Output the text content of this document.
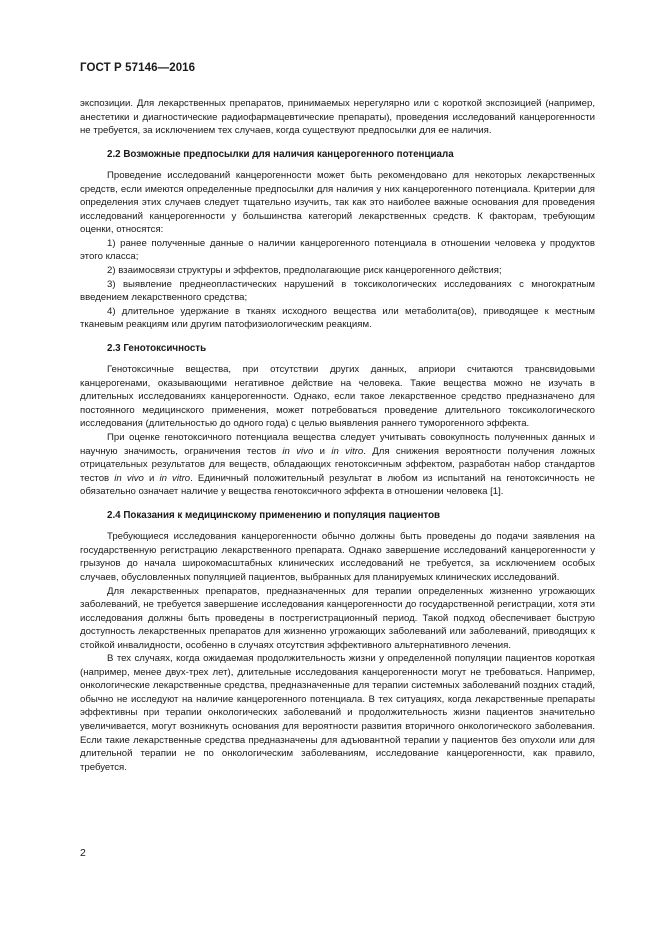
ГОСТ Р 57146—2016

экспозиции. Для лекарственных препаратов, принимаемых нерегулярно или с короткой экспозицией (например, анестетики и диагностические радиофармацевтические препараты), проведения исследований канцерогенности не требуется, за исключением тех случаев, когда существуют предпосылки для ее наличия.

2.2 Возможные предпосылки для наличия канцерогенного потенциала

Проведение исследований канцерогенности может быть рекомендовано для некоторых лекарственных средств, если имеются определенные предпосылки для наличия у них канцерогенного потенциала. Критерии для определения этих случаев следует тщательно изучить, так как это наиболее важные основания для проведения исследований канцерогенности у большинства категорий лекарственных средств. К факторам, требующим оценки, относятся:

1) ранее полученные данные о наличии канцерогенного потенциала в отношении человека у продуктов этого класса;

2) взаимосвязи структуры и эффектов, предполагающие риск канцерогенного действия;

3) выявление преднеопластических нарушений в токсикологических исследованиях с многократным введением лекарственного средства;

4) длительное удержание в тканях исходного вещества или метаболита(ов), приводящее к местным тканевым реакциям или другим патофизиологическим реакциям.

2.3 Генотоксичность

Генотоксичные вещества, при отсутствии других данных, априори считаются трансвидовыми канцерогенами, оказывающими негативное действие на человека. Такие вещества можно не изучать в длительных исследованиях канцерогенности. Однако, если такое лекарственное средство предназначено для постоянного медицинского применения, может потребоваться проведение длительного токсикологического исследования (длительностью до одного года) с целью выявления раннего туморогенного эффекта.

При оценке генотоксичного потенциала вещества следует учитывать совокупность полученных данных и научную значимость, ограничения тестов in vivo и in vitro. Для снижения вероятности получения ложных отрицательных результатов для веществ, обладающих генотоксичным эффектом, разработан набор стандартов тестов in vivo и in vitro. Единичный положительный результат в любом из испытаний на генотоксичность не обязательно означает наличие у вещества генотоксичного эффекта в отношении человека [1].

2.4 Показания к медицинскому применению и популяция пациентов

Требующиеся исследования канцерогенности обычно должны быть проведены до подачи заявления на государственную регистрацию лекарственного препарата. Однако завершение исследований канцерогенности у грызунов до начала широкомасштабных клинических исследований не требуется, за исключением особых случаев, обусловленных популяцией пациентов, выбранных для планируемых клинических исследований.

Для лекарственных препаратов, предназначенных для терапии определенных жизненно угрожающих заболеваний, не требуется завершение исследования канцерогенности до государственной регистрации, хотя эти исследования должны быть проведены в пострегистрационный период. Такой подход обеспечивает быструю доступность лекарственных препаратов для жизненно угрожающих заболеваний или заболеваний, приводящих к стойкой инвалидности, особенно в случаях отсутствия эффективного альтернативного лечения.

В тех случаях, когда ожидаемая продолжительность жизни у определенной популяции пациентов короткая (например, менее двух-трех лет), длительные исследования канцерогенности могут не требоваться. Например, онкологические лекарственные средства, предназначенные для терапии системных заболеваний поздних стадий, обычно не исследуют на наличие канцерогенного потенциала. В тех ситуациях, когда лекарственные препараты эффективны при терапии онкологических заболеваний и продолжительность жизни пациентов значительно увеличивается, могут возникнуть основания для вероятности развития вторичного онкологического заболевания. Если такие лекарственные средства предназначены для адъювантной терапии у пациентов без опухоли или для длительной терапии не по онкологическим заболеваниям, исследование канцерогенности, как правило, требуется.

2
